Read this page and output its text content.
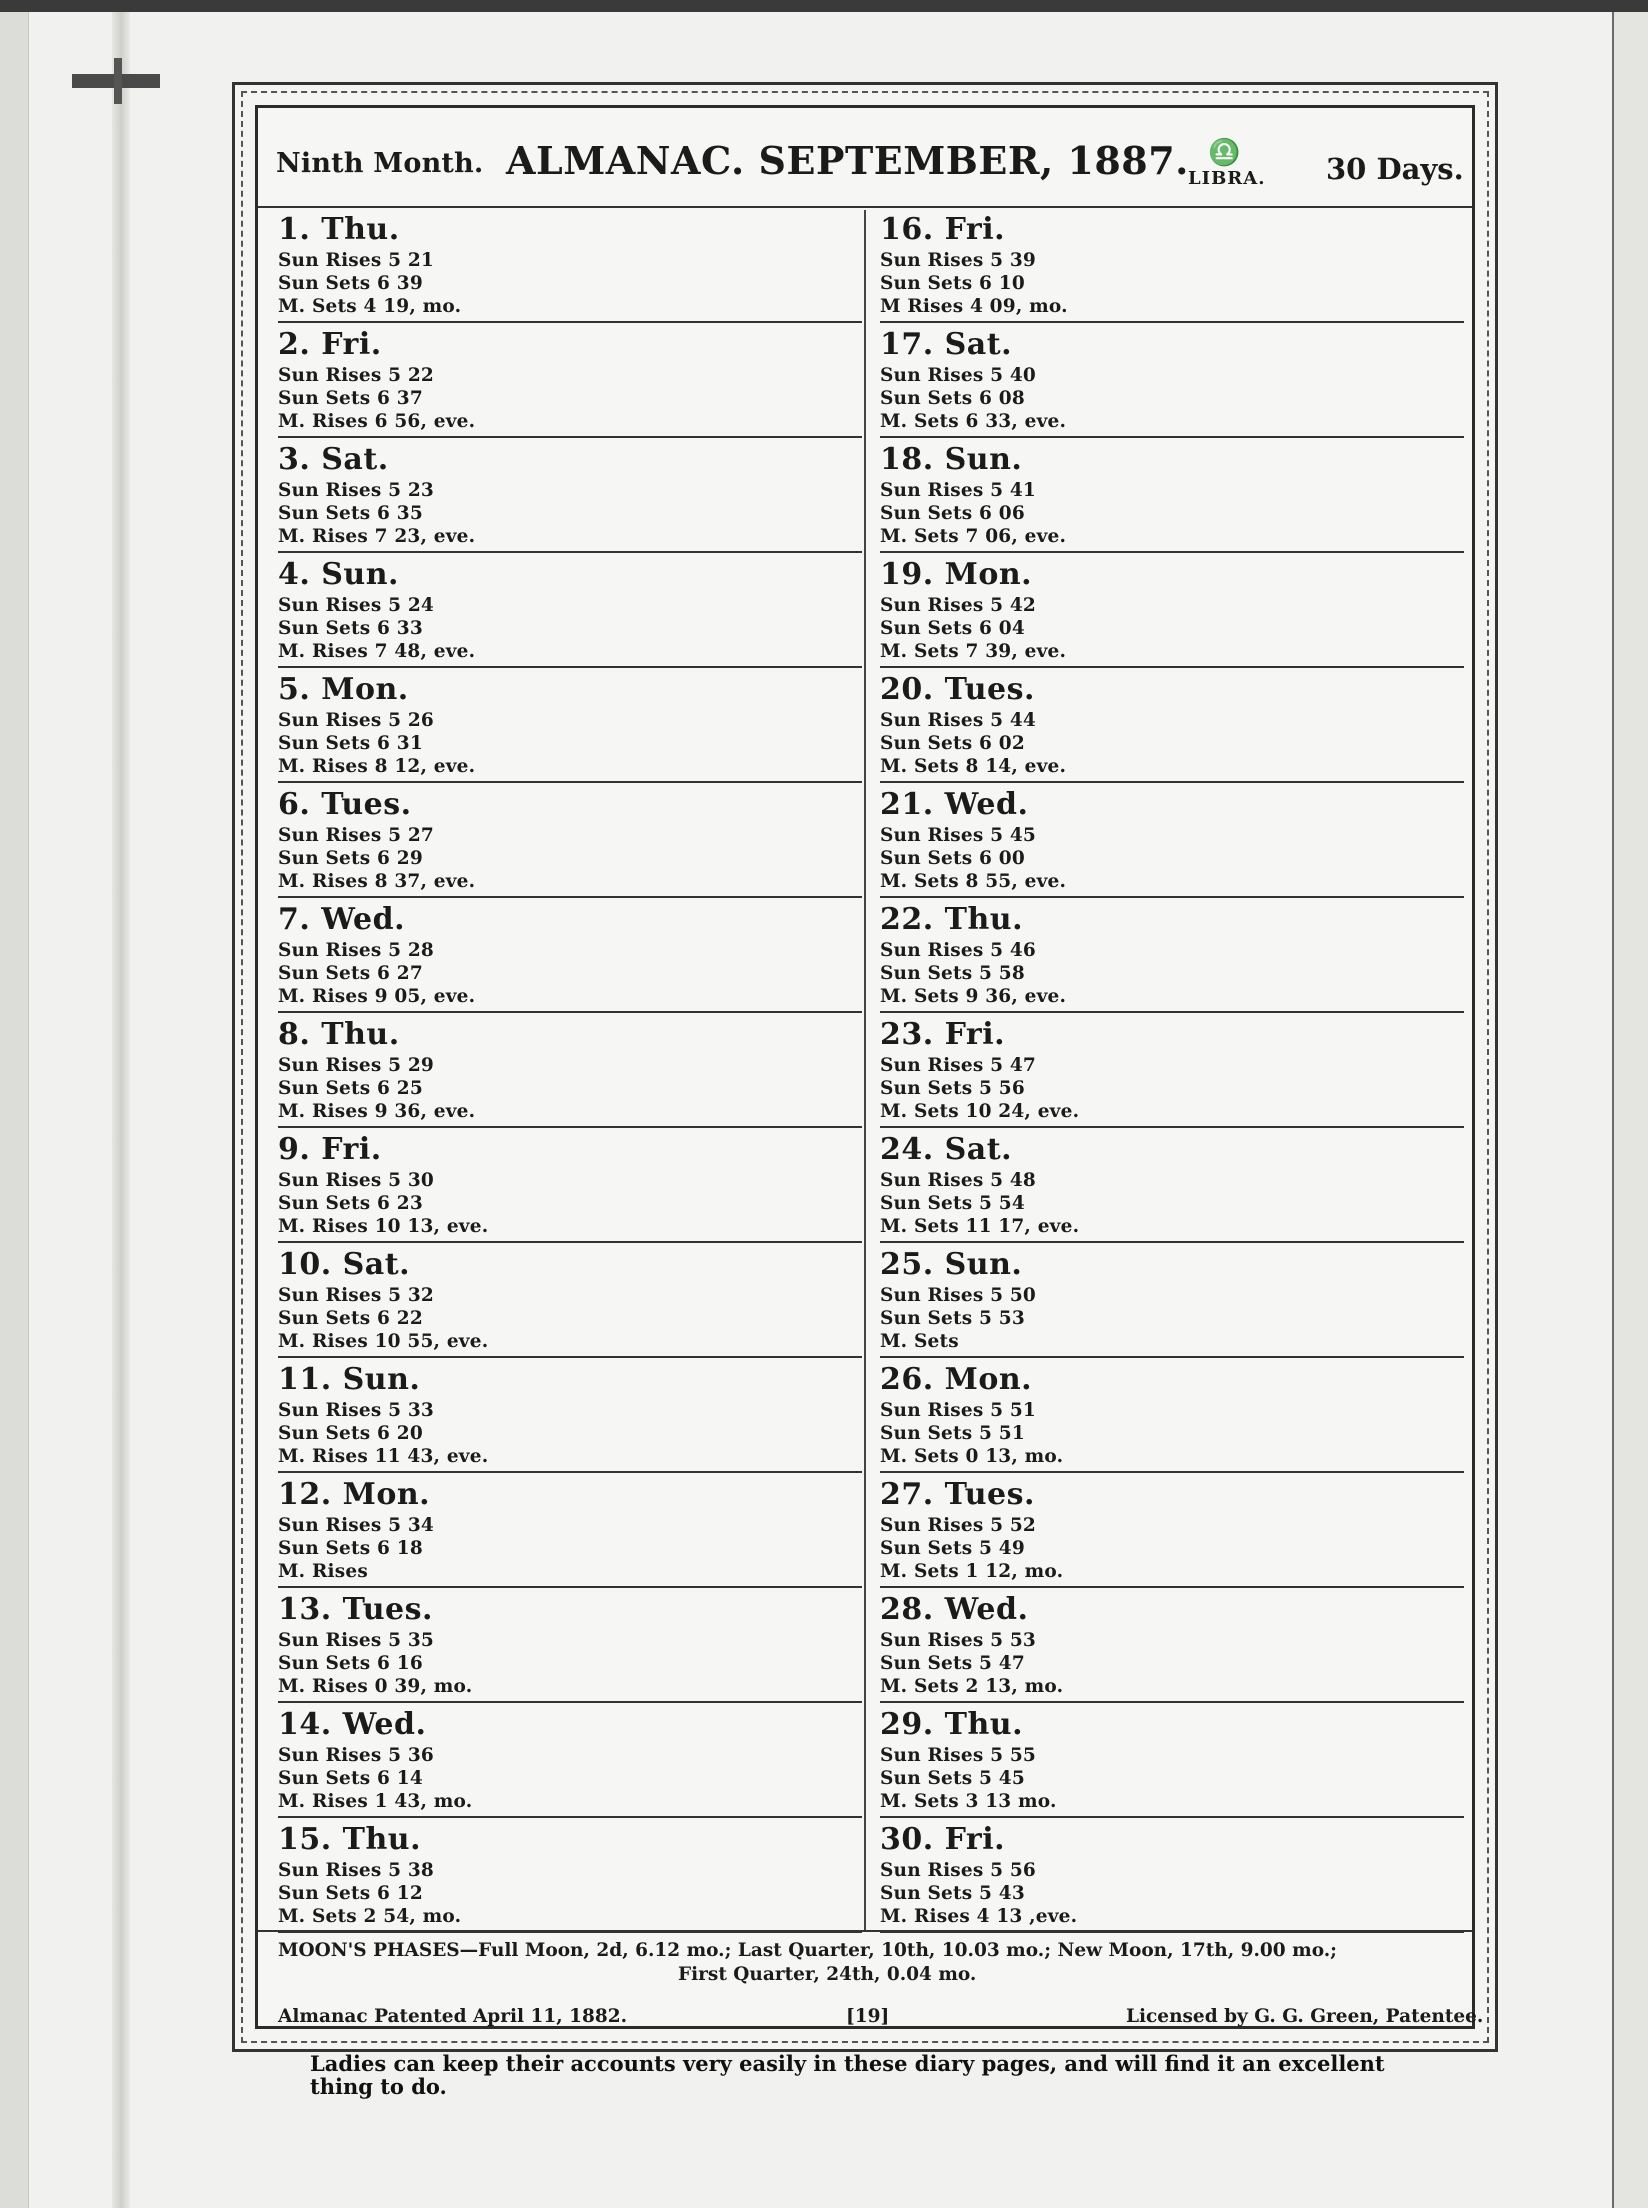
Ninth Month. ALMANAC. SEPTEMBER, 1887. ♎
LIBRA. 30 Days.
1. Thu.
Sun Rises 5 21
Sun Sets 6 39
M. Sets 4 19, mo.
2. Fri.
Sun Rises 5 22
Sun Sets 6 37
M. Rises 6 56, eve.
3. Sat.
Sun Rises 5 23
Sun Sets 6 35
M. Rises 7 23, eve.
4. Sun.
Sun Rises 5 24
Sun Sets 6 33
M. Rises 7 48, eve.
5. Mon.
Sun Rises 5 26
Sun Sets 6 31
M. Rises 8 12, eve.
6. Tues.
Sun Rises 5 27
Sun Sets 6 29
M. Rises 8 37, eve.
7. Wed.
Sun Rises 5 28
Sun Sets 6 27
M. Rises 9 05, eve.
8. Thu.
Sun Rises 5 29
Sun Sets 6 25
M. Rises 9 36, eve.
9. Fri.
Sun Rises 5 30
Sun Sets 6 23
M. Rises 10 13, eve.
10. Sat.
Sun Rises 5 32
Sun Sets 6 22
M. Rises 10 55, eve.
11. Sun.
Sun Rises 5 33
Sun Sets 6 20
M. Rises 11 43, eve.
12. Mon.
Sun Rises 5 34
Sun Sets 6 18
M. Rises
13. Tues.
Sun Rises 5 35
Sun Sets 6 16
M. Rises 0 39, mo.
14. Wed.
Sun Rises 5 36
Sun Sets 6 14
M. Rises 1 43, mo.
15. Thu.
Sun Rises 5 38
Sun Sets 6 12
M. Sets 2 54, mo.
16. Fri.
Sun Rises 5 39
Sun Sets 6 10
M Rises 4 09, mo.
17. Sat.
Sun Rises 5 40
Sun Sets 6 08
M. Sets 6 33, eve.
18. Sun.
Sun Rises 5 41
Sun Sets 6 06
M. Sets 7 06, eve.
19. Mon.
Sun Rises 5 42
Sun Sets 6 04
M. Sets 7 39, eve.
20. Tues.
Sun Rises 5 44
Sun Sets 6 02
M. Sets 8 14, eve.
21. Wed.
Sun Rises 5 45
Sun Sets 6 00
M. Sets 8 55, eve.
22. Thu.
Sun Rises 5 46
Sun Sets 5 58
M. Sets 9 36, eve.
23. Fri.
Sun Rises 5 47
Sun Sets 5 56
M. Sets 10 24, eve.
24. Sat.
Sun Rises 5 48
Sun Sets 5 54
M. Sets 11 17, eve.
25. Sun.
Sun Rises 5 50
Sun Sets 5 53
M. Sets
26. Mon.
Sun Rises 5 51
Sun Sets 5 51
M. Sets 0 13, mo.
27. Tues.
Sun Rises 5 52
Sun Sets 5 49
M. Sets 1 12, mo.
28. Wed.
Sun Rises 5 53
Sun Sets 5 47
M. Sets 2 13, mo.
29. Thu.
Sun Rises 5 55
Sun Sets 5 45
M. Sets 3 13 mo.
30. Fri.
Sun Rises 5 56
Sun Sets 5 43
M. Rises 4 13 ,eve.
MOON'S PHASES—Full Moon, 2d, 6.12 mo.; Last Quarter, 10th, 10.03 mo.; New Moon, 17th, 9.00 mo.;
First Quarter, 24th, 0.04 mo.
Almanac Patented April 11, 1882.	[19]	Licensed by G. G. Green, Patentee.
Ladies can keep their accounts very easily in these diary pages, and will find it an excellent thing to do.
